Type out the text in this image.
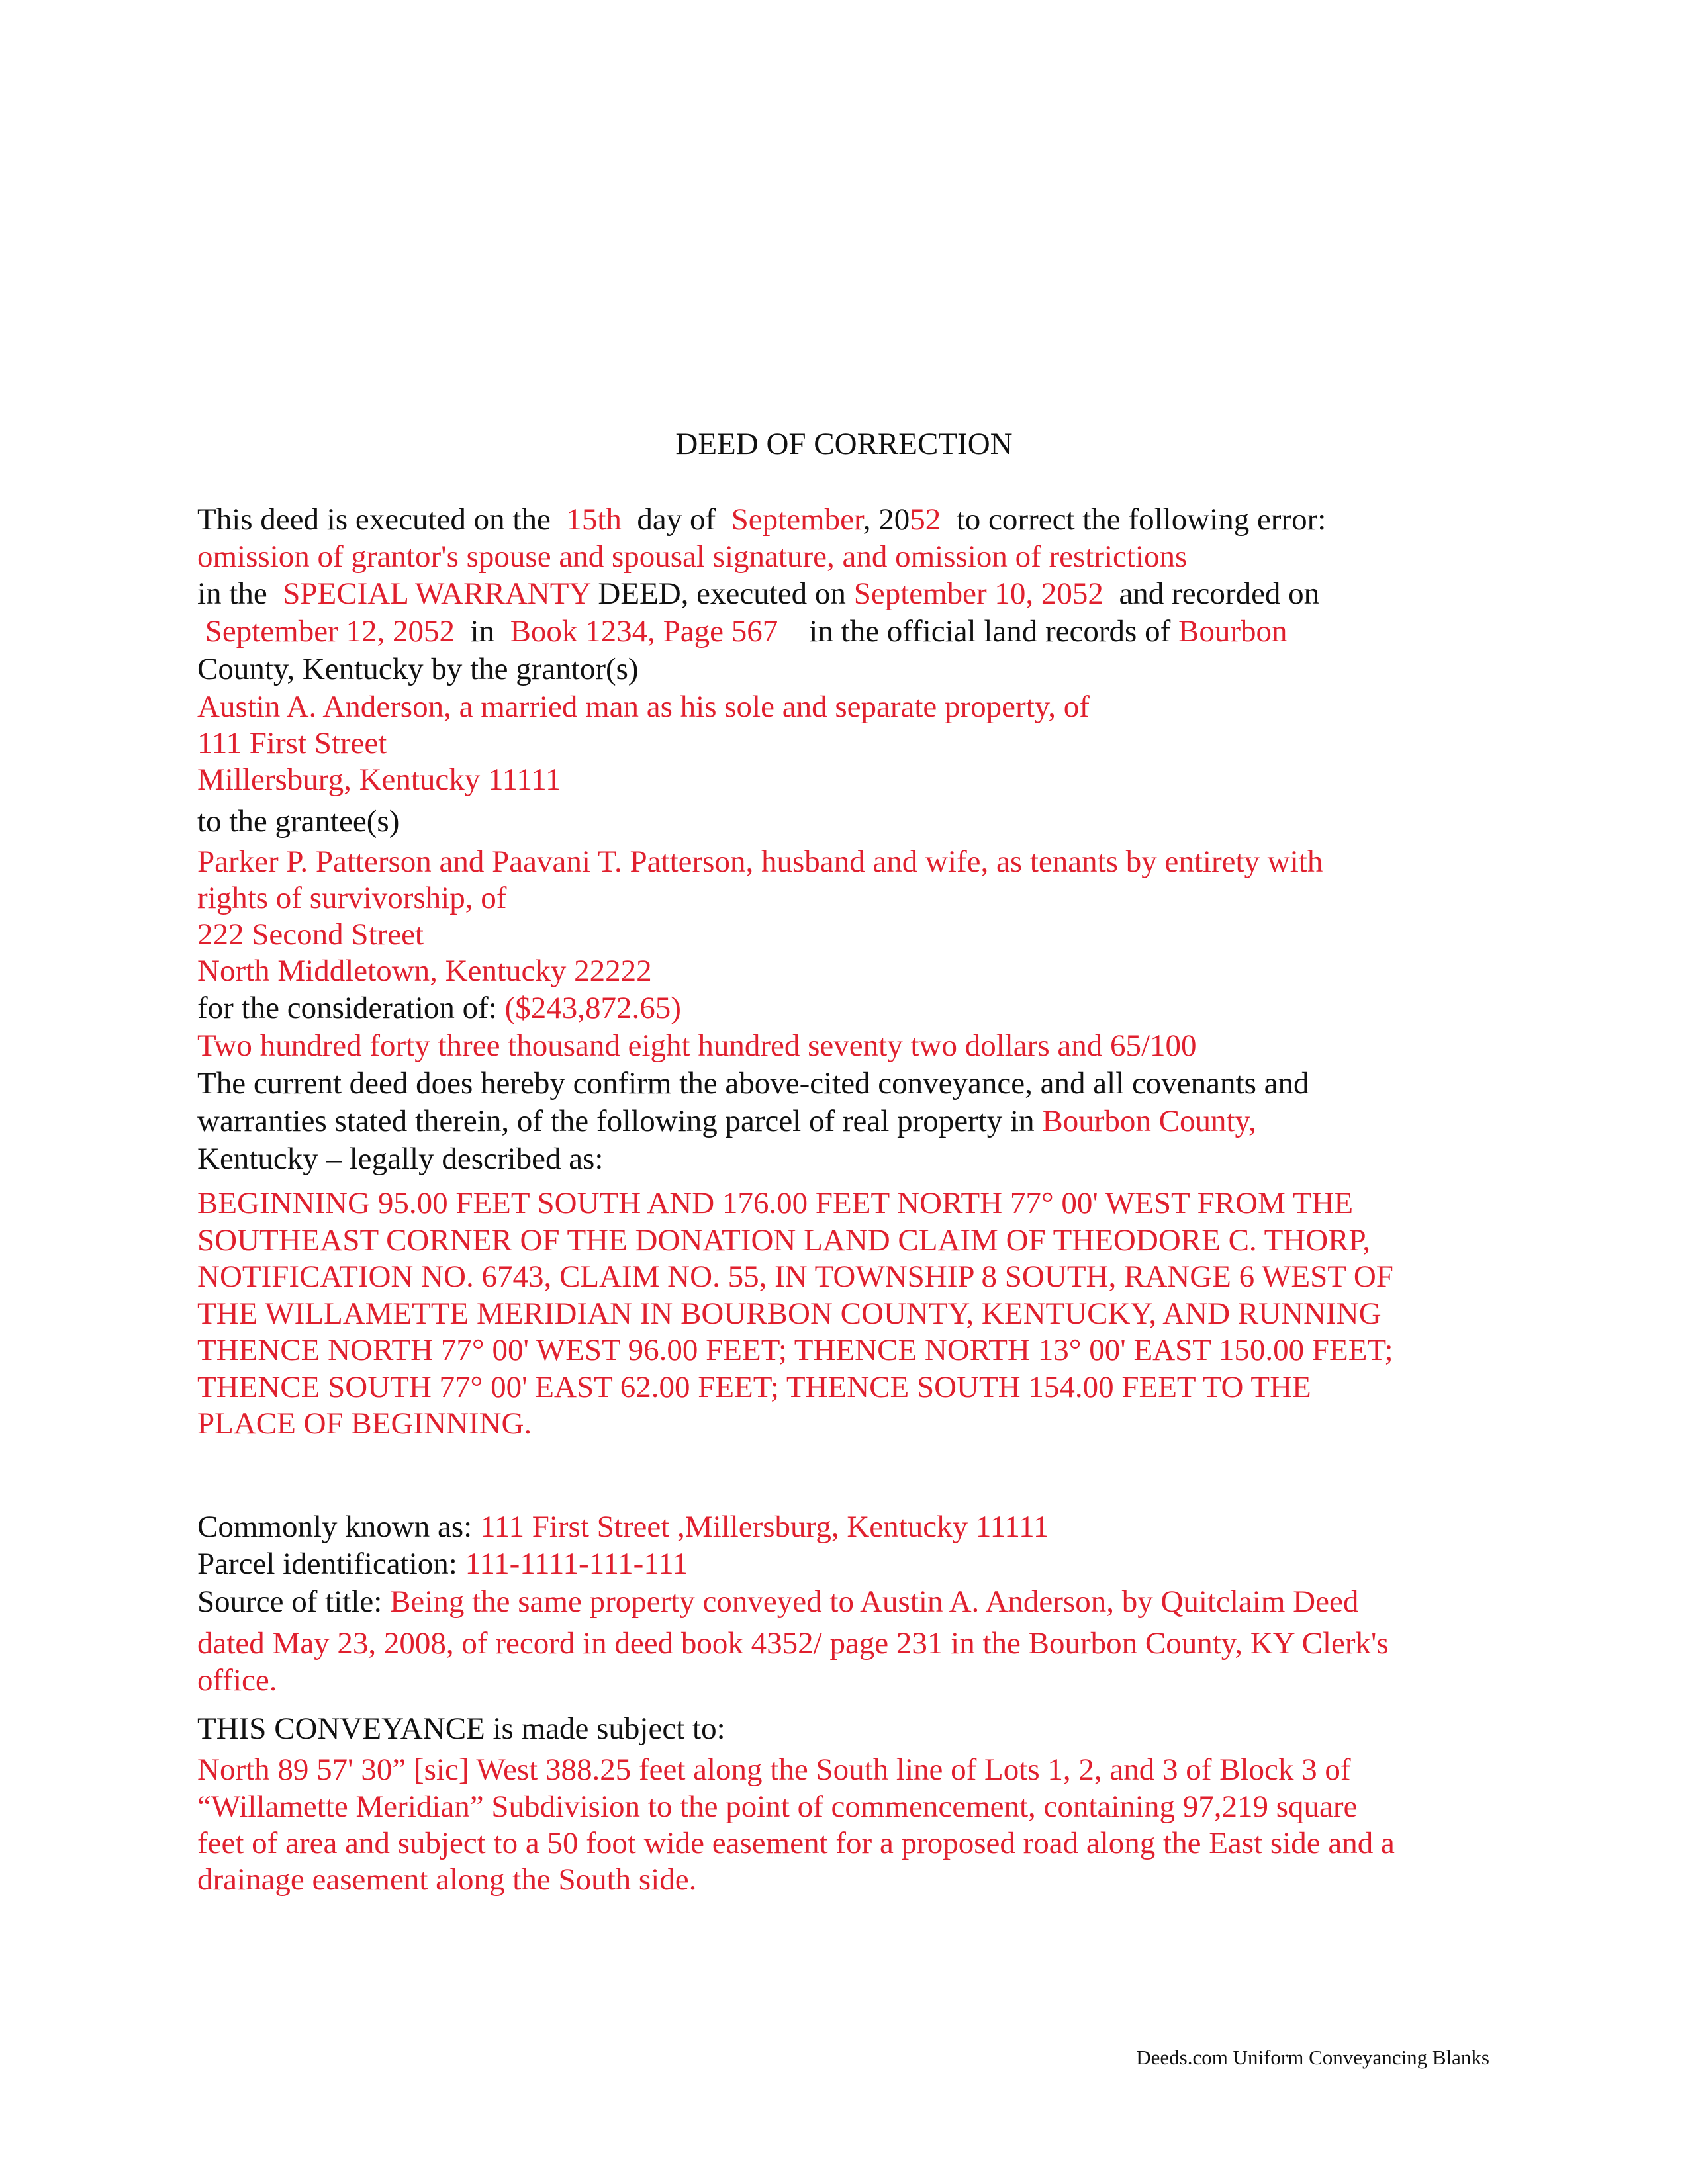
DEED OF CORRECTION
This deed is executed on the 15th day of September, 2052 to correct the following error:
omission of grantor's spouse and spousal signature, and omission of restrictions
in the SPECIAL WARRANTY DEED, executed on September 10, 2052 and recorded on
September 12, 2052 in Book 1234, Page 567 in the official land records of Bourbon
County, Kentucky by the grantor(s)
Austin A. Anderson, a married man as his sole and separate property, of
111 First Street
Millersburg, Kentucky 11111
to the grantee(s)
Parker P. Patterson and Paavani T. Patterson, husband and wife, as tenants by entirety with
rights of survivorship, of
222 Second Street
North Middletown, Kentucky 22222
for the consideration of: ($243,872.65)
Two hundred forty three thousand eight hundred seventy two dollars and 65/100
The current deed does hereby confirm the above-cited conveyance, and all covenants and
warranties stated therein, of the following parcel of real property in Bourbon County,
Kentucky – legally described as:
BEGINNING 95.00 FEET SOUTH AND 176.00 FEET NORTH 77° 00' WEST FROM THE
SOUTHEAST CORNER OF THE DONATION LAND CLAIM OF THEODORE C. THORP,
NOTIFICATION NO. 6743, CLAIM NO. 55, IN TOWNSHIP 8 SOUTH, RANGE 6 WEST OF
THE WILLAMETTE MERIDIAN IN BOURBON COUNTY, KENTUCKY, AND RUNNING
THENCE NORTH 77° 00' WEST 96.00 FEET; THENCE NORTH 13° 00' EAST 150.00 FEET;
THENCE SOUTH 77° 00' EAST 62.00 FEET; THENCE SOUTH 154.00 FEET TO THE
PLACE OF BEGINNING.
Commonly known as: 111 First Street ,Millersburg, Kentucky 11111
Parcel identification: 111-1111-111-111
Source of title: Being the same property conveyed to Austin A. Anderson, by Quitclaim Deed
dated May 23, 2008, of record in deed book 4352/ page 231 in the Bourbon County, KY Clerk's
office.
THIS CONVEYANCE is made subject to:
North 89 57' 30” [sic] West 388.25 feet along the South line of Lots 1, 2, and 3 of Block 3 of
“Willamette Meridian” Subdivision to the point of commencement, containing 97,219 square
feet of area and subject to a 50 foot wide easement for a proposed road along the East side and a
drainage easement along the South side.
Deeds.com Uniform Conveyancing Blanks
